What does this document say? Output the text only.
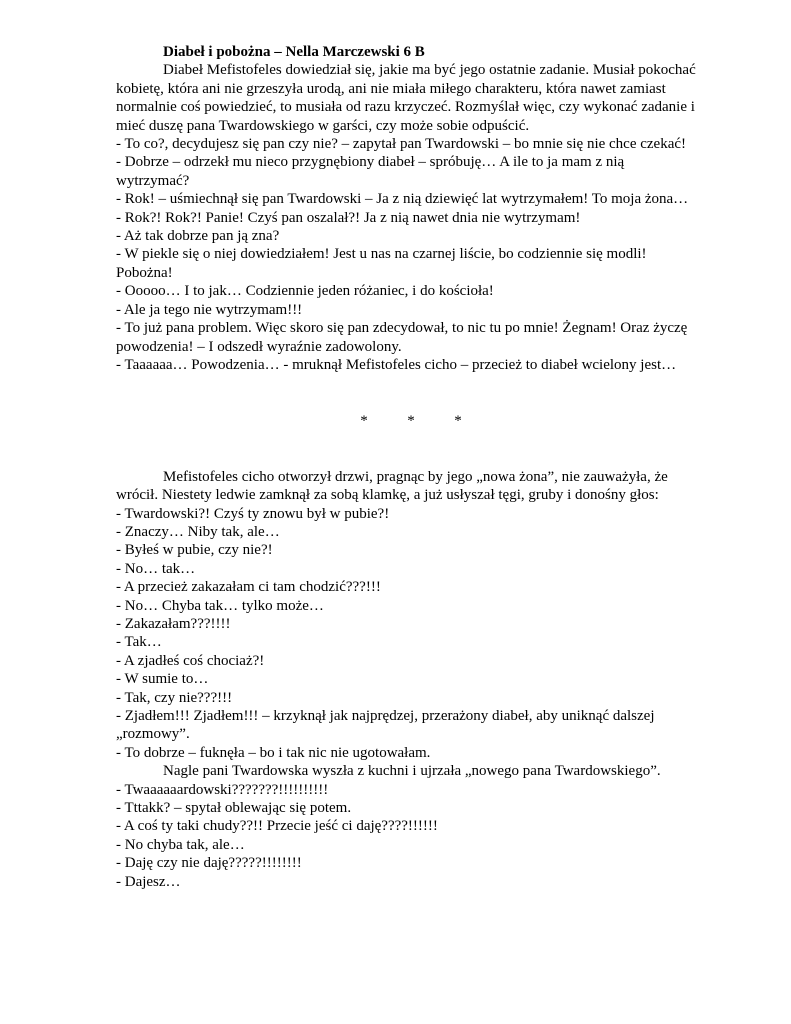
Diabeł i pobożna – Nella Marczewski 6 B

Diabeł Mefistofeles dowiedział się, jakie ma być jego ostatnie zadanie. Musiał pokochać kobietę, która ani nie grzeszyła urodą, ani nie miała miłego charakteru, która nawet zamiast normalnie coś powiedzieć, to musiała od razu krzyczeć. Rozmyślał więc, czy wykonać zadanie i mieć duszę pana Twardowskiego w garści, czy może sobie odpuścić.

- To co?, decydujesz się pan czy nie? – zapytał pan Twardowski – bo mnie się nie chce czekać!

- Dobrze – odrzekł mu nieco przygnębiony diabeł – spróbuję… A ile to ja mam z nią wytrzymać?

- Rok! – uśmiechnął się pan Twardowski – Ja z nią dziewięć lat wytrzymałem! To moja żona…

- Rok?! Rok?! Panie! Czyś pan oszalał?! Ja z nią nawet dnia nie wytrzymam!

- Aż tak dobrze pan ją zna?

- W piekle się o niej dowiedziałem! Jest u nas na czarnej liście, bo codziennie się modli! Pobożna!

- Ooooo… I to jak… Codziennie jeden różaniec, i do kościoła!

- Ale ja tego nie wytrzymam!!!

- To już pana problem. Więc skoro się pan zdecydował, to nic tu po mnie! Żegnam! Oraz życzę powodzenia! – I odszedł wyraźnie zadowolony.

- Taaaaaa… Powodzenia… - mruknął Mefistofeles cicho – przecież to diabeł wcielony jest…

*	*	*

Mefistofeles cicho otworzył drzwi, pragnąc by jego „nowa żona”, nie zauważyła, że wrócił. Niestety ledwie zamknął za sobą klamkę, a już usłyszał tęgi, gruby i donośny głos:

- Twardowski?! Czyś ty znowu był w pubie?!

- Znaczy… Niby tak, ale…

- Byłeś w pubie, czy nie?!

- No… tak…

- A przecież zakazałam ci tam chodzić???!!!

- No… Chyba tak… tylko może…

- Zakazałam???!!!!

- Tak…

- A zjadłeś coś chociaż?!

- W sumie to…

- Tak, czy nie???!!!

- Zjadłem!!! Zjadłem!!! – krzyknął jak najprędzej, przerażony diabeł, aby uniknąć dalszej „rozmowy”.

- To dobrze – fuknęła – bo i tak nic nie ugotowałam.

Nagle pani Twardowska wyszła z kuchni i ujrzała „nowego pana Twardowskiego”.

- Twaaaaaardowski???????!!!!!!!!!!

- Tttakk? – spytał oblewając się potem.

- A coś ty taki chudy??!! Przecie jeść ci daję????!!!!!!

- No chyba tak, ale…

- Daję czy nie daję?????!!!!!!!!

- Dajesz…
